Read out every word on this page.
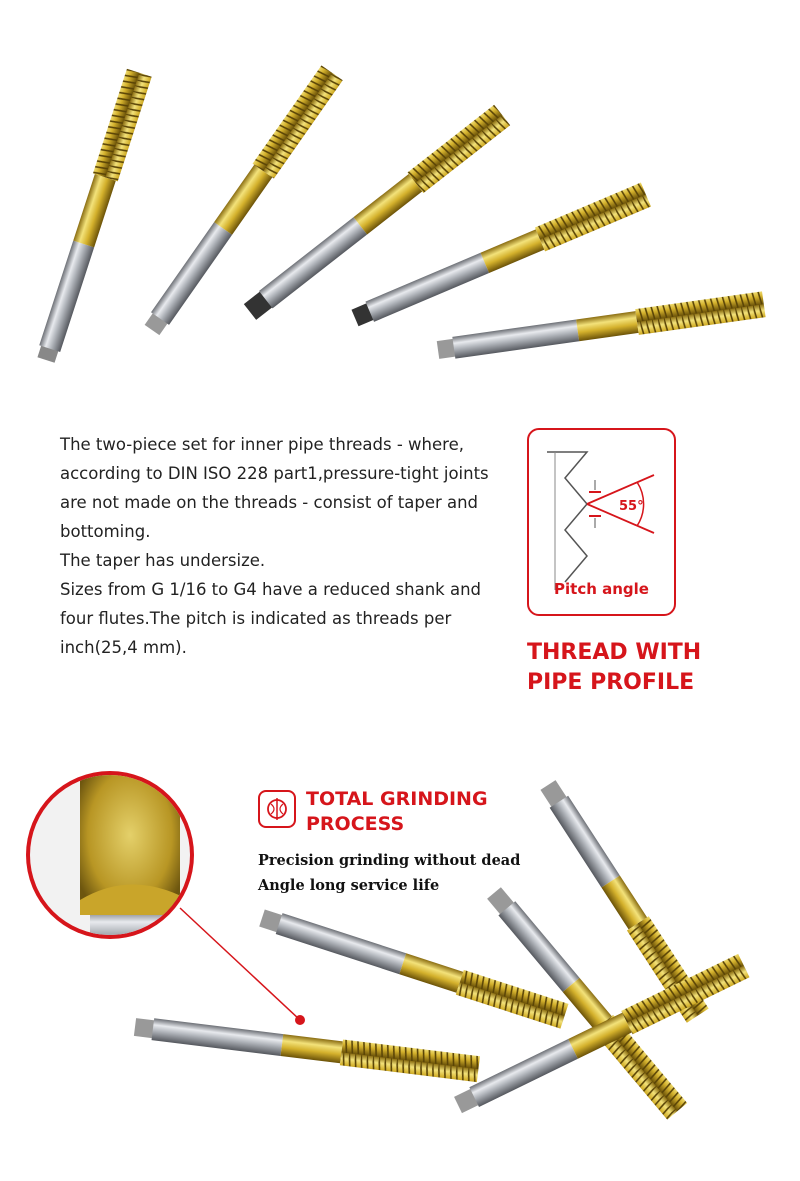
The two-piece set for inner pipe threads - where,

according to DIN ISO 228 part1,pressure-tight joints

are not made on the threads - consist of taper and

bottoming.

The taper has undersize.

Sizes from G 1/16 to G4 have a reduced shank and

four flutes.The pitch is indicated as threads per

inch(25,4 mm).

55°
Pitch angle
THREAD WITH
PIPE PROFILE
TOTAL GRINDING
PROCESS
Precision grinding without dead
Angle long service life
